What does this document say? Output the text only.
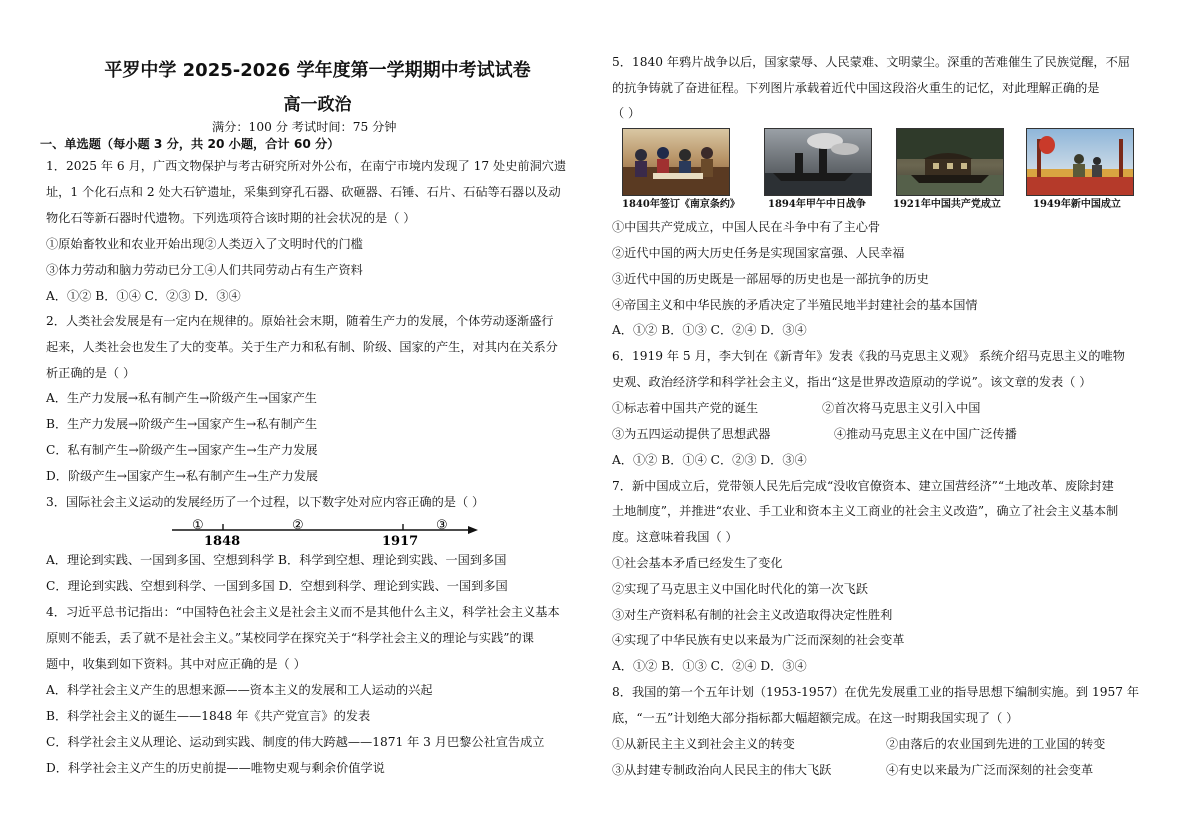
平罗中学 2025-2026 学年度第一学期期中考试试卷
高一政治
满分：100 分 考试时间：75 分钟
一、单选题（每小题 3 分，共 20 小题，合计 60 分）
1．2025 年 6 月，广西文物保护与考古研究所对外公布，在南宁市境内发现了 17 处史前洞穴遗
址，1 个化石点和 2 处大石铲遗址，采集到穿孔石器、砍砸器、石锤、石片、石砧等石器以及动
物化石等新石器时代遗物。下列选项符合该时期的社会状况的是（ ）
①原始畜牧业和农业开始出现②人类迈入了文明时代的门槛
③体力劳动和脑力劳动已分工④人们共同劳动占有生产资料
A．①② B．①④ C．②③ D．③④
2．人类社会发展是有一定内在规律的。原始社会末期，随着生产力的发展，个体劳动逐渐盛行
起来，人类社会也发生了大的变革。关于生产力和私有制、阶级、国家的产生，对其内在关系分
析正确的是（ ）
A．生产力发展→私有制产生→阶级产生→国家产生
B．生产力发展→阶级产生→国家产生→私有制产生
C．私有制产生→阶级产生→国家产生→生产力发展
D．阶级产生→国家产生→私有制产生→生产力发展
3．国际社会主义运动的发展经历了一个过程，以下数字处对应内容正确的是（ ）
①	②	③
1848	1917
A．理论到实践、一国到多国、空想到科学 B．科学到空想、理论到实践、一国到多国
C．理论到实践、空想到科学、一国到多国 D．空想到科学、理论到实践、一国到多国
4．习近平总书记指出：“中国特色社会主义是社会主义而不是其他什么主义，科学社会主义基本
原则不能丢，丢了就不是社会主义。”某校同学在探究关于“科学社会主义的理论与实践”的课
题中，收集到如下资料。其中对应正确的是（ ）
A．科学社会主义产生的思想来源——资本主义的发展和工人运动的兴起
B．科学社会主义的诞生——1848 年《共产党宣言》的发表
C．科学社会主义从理论、运动到实践、制度的伟大跨越——1871 年 3 月巴黎公社宣告成立
D．科学社会主义产生的历史前提——唯物史观与剩余价值学说
5．1840 年鸦片战争以后，国家蒙辱、人民蒙难、文明蒙尘。深重的苦难催生了民族觉醒，不屈
的抗争铸就了奋进征程。下列图片承载着近代中国这段浴火重生的记忆，对此理解正确的是
（ ）
1840年签订《南京条约》	1894年甲午中日战争	1921年中国共产党成立	1949年新中国成立
①中国共产党成立，中国人民在斗争中有了主心骨
②近代中国的两大历史任务是实现国家富强、人民幸福
③近代中国的历史既是一部屈辱的历史也是一部抗争的历史
④帝国主义和中华民族的矛盾决定了半殖民地半封建社会的基本国情
A．①② B．①③ C．②④ D．③④
6．1919 年 5 月，李大钊在《新青年》发表《我的马克思主义观》 系统介绍马克思主义的唯物
史观、政治经济学和科学社会主义，指出“这是世界改造原动的学说”。该文章的发表（ ）
①标志着中国共产党的诞生	②首次将马克思主义引入中国
③为五四运动提供了思想武器	④推动马克思主义在中国广泛传播
A．①② B．①④ C．②③ D．③④
7．新中国成立后，党带领人民先后完成“没收官僚资本、建立国营经济”“土地改革、废除封建
土地制度”，并推进“农业、手工业和资本主义工商业的社会主义改造”，确立了社会主义基本制
度。这意味着我国（ ）
①社会基本矛盾已经发生了变化
②实现了马克思主义中国化时代化的第一次飞跃
③对生产资料私有制的社会主义改造取得决定性胜利
④实现了中华民族有史以来最为广泛而深刻的社会变革
A．①② B．①③ C．②④ D．③④
8．我国的第一个五年计划（1953-1957）在优先发展重工业的指导思想下编制实施。到 1957 年
底，“一五”计划绝大部分指标都大幅超额完成。在这一时期我国实现了（ ）
①从新民主主义到社会主义的转变	②由落后的农业国到先进的工业国的转变
③从封建专制政治向人民民主的伟大飞跃	④有史以来最为广泛而深刻的社会变革
